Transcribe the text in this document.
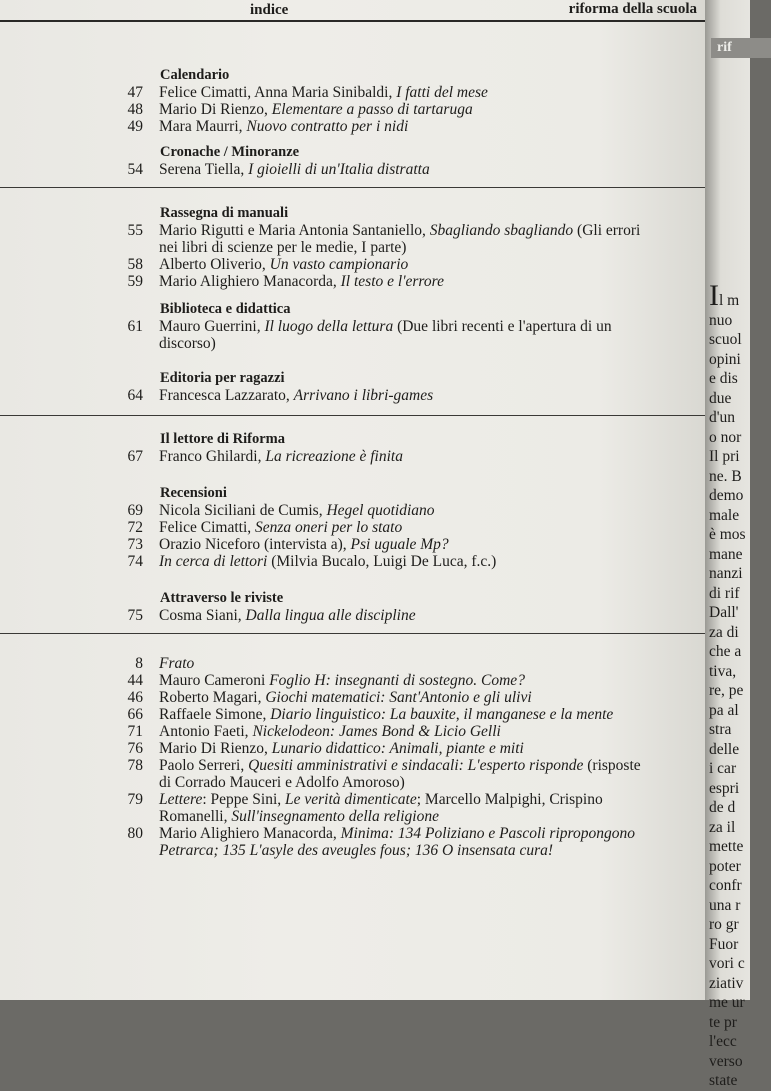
indice	riforma della scuola
Calendario
47	Felice Cimatti, Anna Maria Sinibaldi, I fatti del mese
48	Mario Di Rienzo, Elementare a passo di tartaruga
49	Mara Maurri, Nuovo contratto per i nidi
Cronache / Minoranze
54	Serena Tiella, I gioielli di un'Italia distratta
Rassegna di manuali
55	Mario Rigutti e Maria Antonia Santaniello, Sbagliando sbagliando (Gli errori
nei libri di scienze per le medie, I parte)
58	Alberto Oliverio, Un vasto campionario
59	Mario Alighiero Manacorda, Il testo e l'errore
Biblioteca e didattica
61	Mauro Guerrini, Il luogo della lettura (Due libri recenti e l'apertura di un
discorso)
Editoria per ragazzi
64	Francesca Lazzarato, Arrivano i libri-games
Il lettore di Riforma
67	Franco Ghilardi, La ricreazione è finita
Recensioni
69	Nicola Siciliani de Cumis, Hegel quotidiano
72	Felice Cimatti, Senza oneri per lo stato
73	Orazio Niceforo (intervista a), Psi uguale Mp?
74	In cerca di lettori (Milvia Bucalo, Luigi De Luca, f.c.)
Attraverso le riviste
75	Cosma Siani, Dalla lingua alle discipline
8	Frato
44	Mauro Cameroni Foglio H: insegnanti di sostegno. Come?
46	Roberto Magari, Giochi matematici: Sant'Antonio e gli ulivi
66	Raffaele Simone, Diario linguistico: La bauxite, il manganese e la mente
71	Antonio Faeti, Nickelodeon: James Bond & Licio Gelli
76	Mario Di Rienzo, Lunario didattico: Animali, piante e miti
78	Paolo Serreri, Quesiti amministrativi e sindacali: L'esperto risponde (risposte
di Corrado Mauceri e Adolfo Amoroso)
79	Lettere: Peppe Sini, Le verità dimenticate; Marcello Malpighi, Crispino
Romanelli, Sull'insegnamento della religione
80	Mario Alighiero Manacorda, Minima: 134 Poliziano e Pascoli ripropongono
Petrarca; 135 L'asyle des aveugles fous; 136 O insensata cura!
rif
Il m
nuo
scuol
opini
e dis
due
d'un
o nor
Il pri
ne. B
demo
male
è mos
mane
nanzi
di rif
Dall'
za di
che a
tiva,
re, pe
pa al
stra
delle
i car
espri
de d
za il
mette
poter
confr
una r
ro gr
Fuor
vori c
ziativ
me ur
te pr
l'ecc
verso
state
